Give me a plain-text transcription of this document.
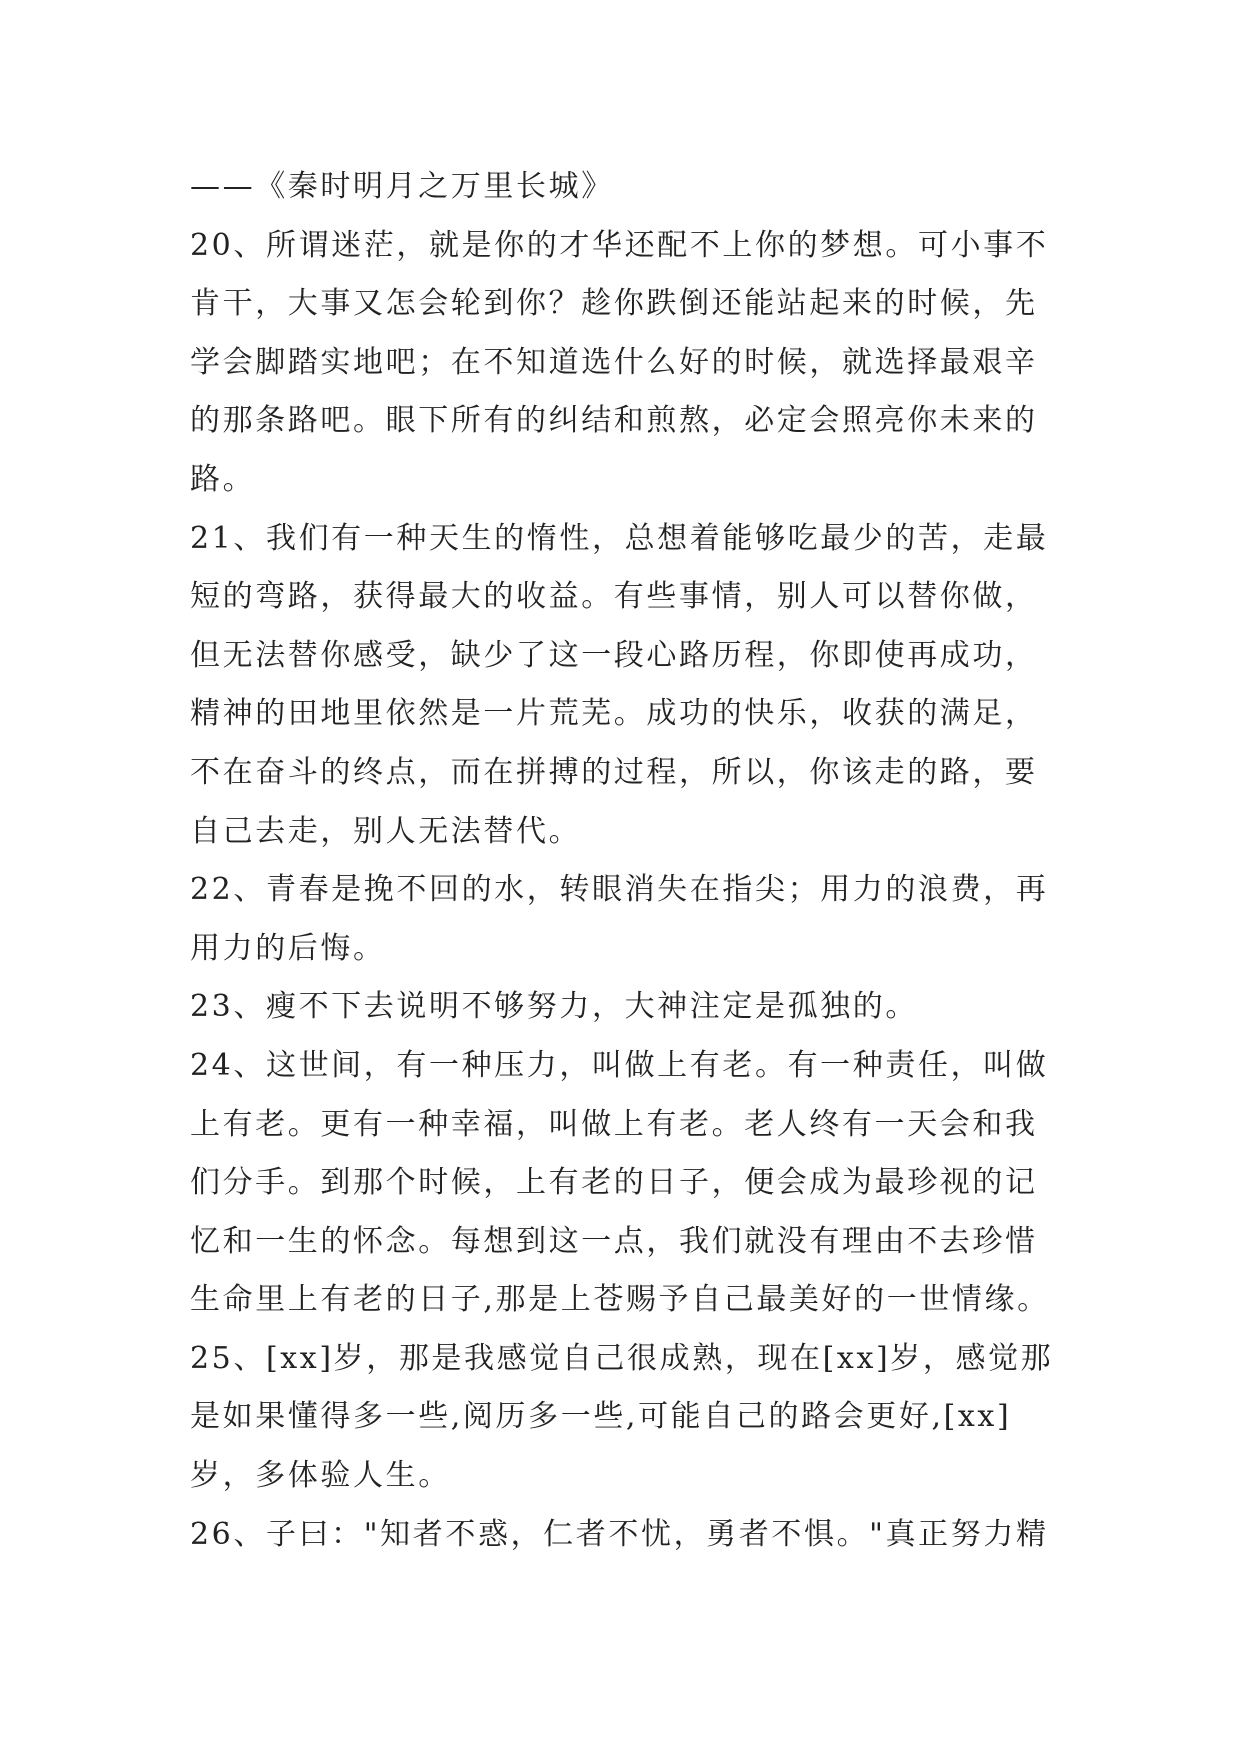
——《秦时明月之万里长城》
20、所谓迷茫，就是你的才华还配不上你的梦想。可小事不
肯干，大事又怎会轮到你？趁你跌倒还能站起来的时候，先
学会脚踏实地吧；在不知道选什么好的时候，就选择最艰辛
的那条路吧。眼下所有的纠结和煎熬，必定会照亮你未来的
路。
21、我们有一种天生的惰性，总想着能够吃最少的苦，走最
短的弯路，获得最大的收益。有些事情，别人可以替你做，
但无法替你感受，缺少了这一段心路历程，你即使再成功，
精神的田地里依然是一片荒芜。成功的快乐，收获的满足，
不在奋斗的终点，而在拼搏的过程，所以，你该走的路，要
自己去走，别人无法替代。
22、青春是挽不回的水，转眼消失在指尖；用力的浪费，再
用力的后悔。
23、瘦不下去说明不够努力，大神注定是孤独的。
24、这世间，有一种压力，叫做上有老。有一种责任，叫做
上有老。更有一种幸福，叫做上有老。老人终有一天会和我
们分手。到那个时候，上有老的日子，便会成为最珍视的记
忆和一生的怀念。每想到这一点，我们就没有理由不去珍惜
生命里上有老的日子,那是上苍赐予自己最美好的一世情缘。
25、[xx]岁，那是我感觉自己很成熟，现在[xx]岁，感觉那
是如果懂得多一些,阅历多一些,可能自己的路会更好,[xx]
岁，多体验人生。
26、子曰："知者不惑，仁者不忧，勇者不惧。"真正努力精
